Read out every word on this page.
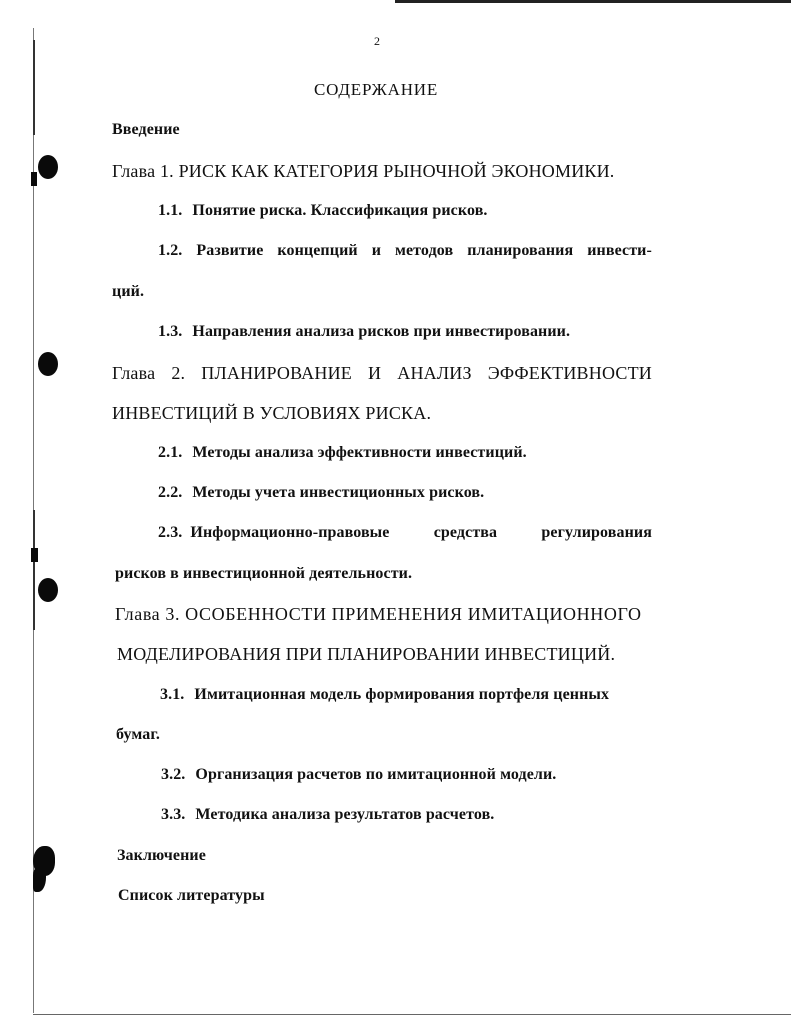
2
СОДЕРЖАНИЕ
Введение
Глава 1. РИСК КАК КАТЕГОРИЯ РЫНОЧНОЙ ЭКОНОМИКИ.
1.1. Понятие риска. Классификация рисков.
1.2. Развитие концепций и методов планирования инвести-
ций.
1.3. Направления анализа рисков при инвестировании.
Глава 2. ПЛАНИРОВАНИЕ И АНАЛИЗ ЭФФЕКТИВНОСТИ
ИНВЕСТИЦИЙ В УСЛОВИЯХ РИСКА.
2.1. Методы анализа эффективности инвестиций.
2.2. Методы учета инвестиционных рисков.
2.3. Информационно-правовые	средства	регулирования
рисков в инвестиционной деятельности.
Глава 3. ОСОБЕННОСТИ ПРИМЕНЕНИЯ ИМИТАЦИОННОГО
МОДЕЛИРОВАНИЯ ПРИ ПЛАНИРОВАНИИ ИНВЕСТИЦИЙ.
3.1. Имитационная модель формирования портфеля ценных
бумаг.
3.2. Организация расчетов по имитационной модели.
3.3. Методика анализа результатов расчетов.
Заключение
Список литературы
